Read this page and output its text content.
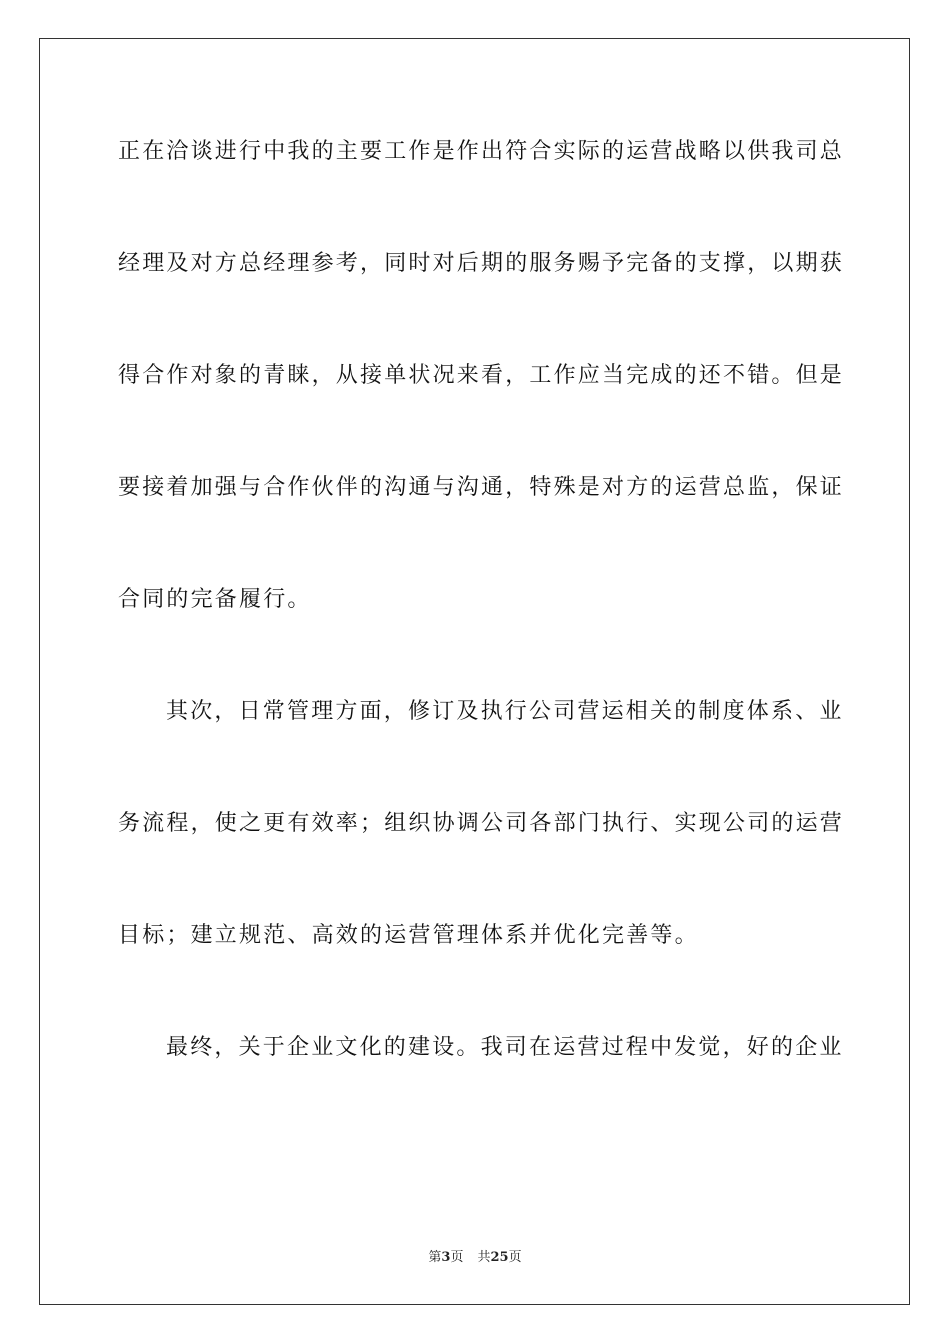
正在洽谈进行中我的主要工作是作出符合实际的运营战略以供我司总
经理及对方总经理参考，同时对后期的服务赐予完备的支撑，以期获
得合作对象的青睐，从接单状况来看，工作应当完成的还不错。但是
要接着加强与合作伙伴的沟通与沟通，特殊是对方的运营总监，保证
合同的完备履行。
其次，日常管理方面，修订及执行公司营运相关的制度体系、业
务流程，使之更有效率；组织协调公司各部门执行、实现公司的运营
目标；建立规范、高效的运营管理体系并优化完善等。
最终，关于企业文化的建设。我司在运营过程中发觉，好的企业
第3页 共25页
